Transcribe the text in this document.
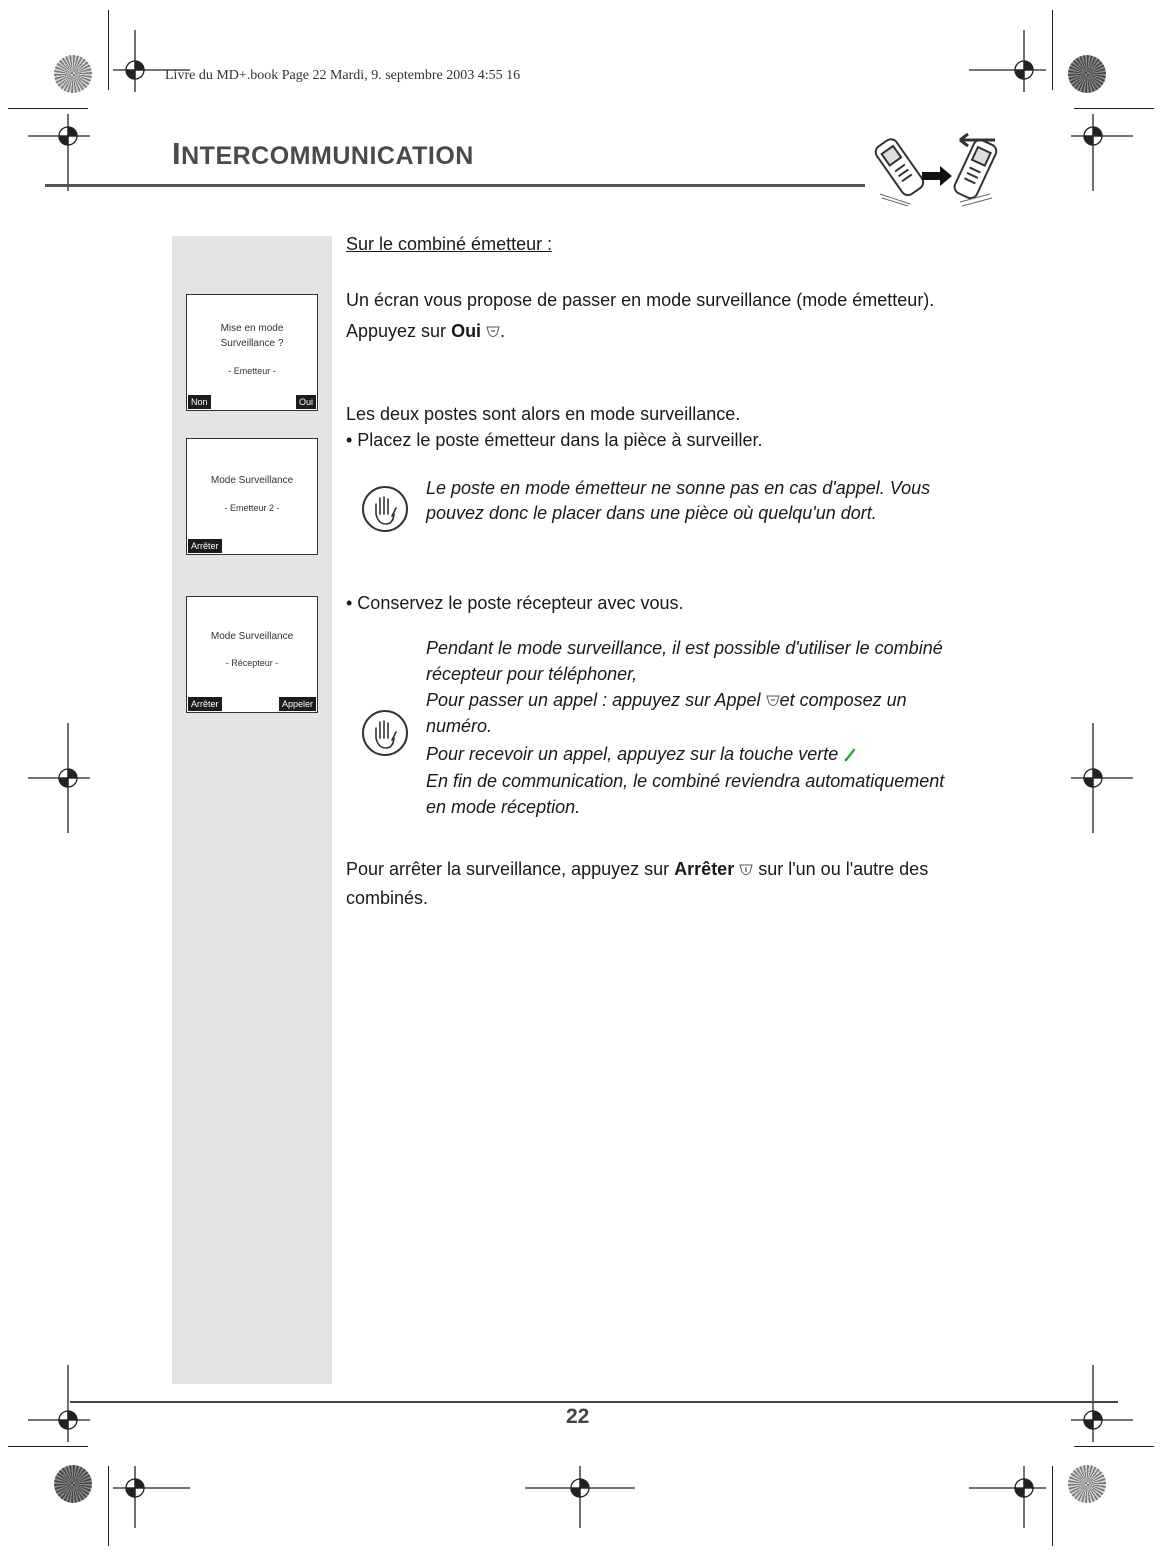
Livre du MD+.book Page 22 Mardi, 9. septembre 2003 4:55 16
INTERCOMMUNICATION
Mise en mode
Surveillance ?
- Emetteur -
Non	Oui
Mode Surveillance
- Emetteur 2 -
Arrêter
Mode Surveillance
- Récepteur -
Arrêter	Appeler
Sur le combiné émetteur :
Un écran vous propose de passer en mode surveillance (mode émetteur).
Appuyez sur Oui .
Les deux postes sont alors en mode surveillance.
• Placez le poste émetteur dans la pièce à surveiller.
Le poste en mode émetteur ne sonne pas en cas d'appel. Vous
pouvez donc le placer dans une pièce où quelqu'un dort.
• Conservez le poste récepteur avec vous.
Pendant le mode surveillance, il est possible d'utiliser le combiné
récepteur pour téléphoner,
Pour passer un appel : appuyez sur Appel et composez un
numéro.
Pour recevoir un appel, appuyez sur la touche verte
En fin de communication, le combiné reviendra automatiquement
en mode réception.
Pour arrêter la surveillance, appuyez sur Arrêter  sur l'un ou l'autre des
combinés.
22
